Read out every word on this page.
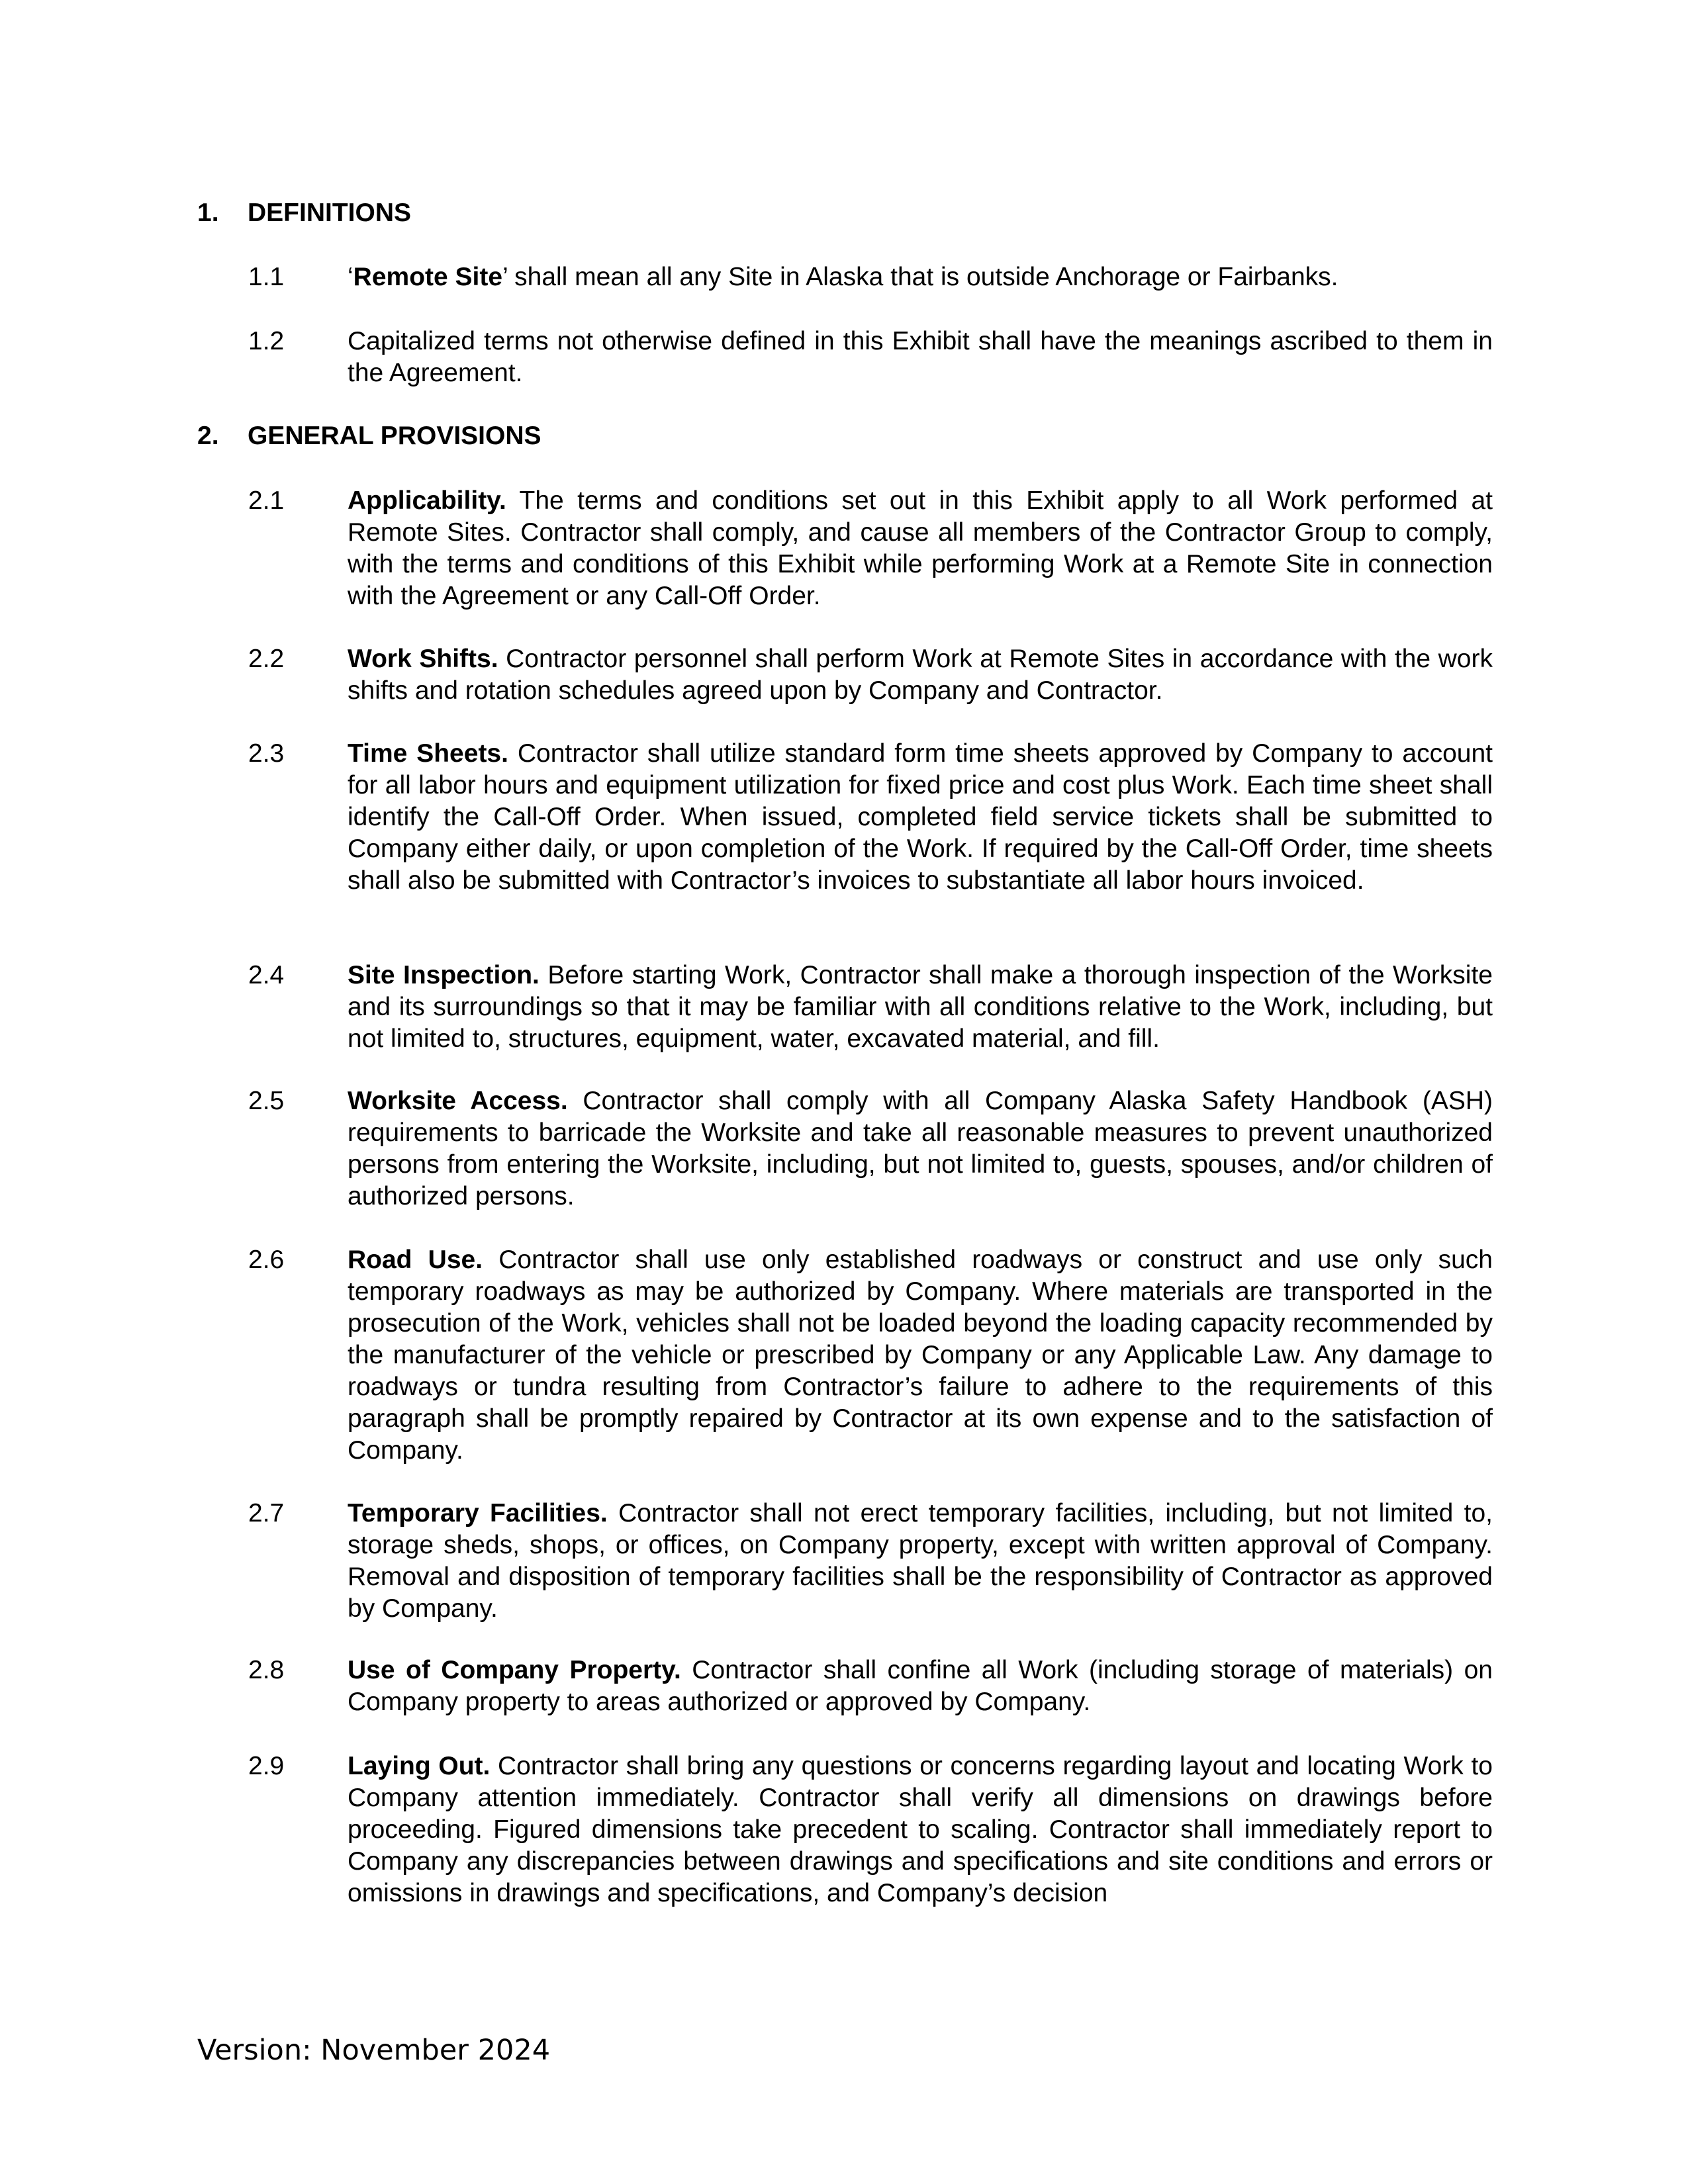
1. DEFINITIONS
1.1 ‘Remote Site’ shall mean all any Site in Alaska that is outside Anchorage or Fairbanks.
1.2 Capitalized terms not otherwise defined in this Exhibit shall have the meanings ascribed to them in the Agreement.
2. GENERAL PROVISIONS
2.1 Applicability. The terms and conditions set out in this Exhibit apply to all Work performed at Remote Sites. Contractor shall comply, and cause all members of the Contractor Group to comply, with the terms and conditions of this Exhibit while performing Work at a Remote Site in connection with the Agreement or any Call-Off Order.
2.2 Work Shifts. Contractor personnel shall perform Work at Remote Sites in accordance with the work shifts and rotation schedules agreed upon by Company and Contractor.
2.3 Time Sheets. Contractor shall utilize standard form time sheets approved by Company to account for all labor hours and equipment utilization for fixed price and cost plus Work. Each time sheet shall identify the Call-Off Order. When issued, completed field service tickets shall be submitted to Company either daily, or upon completion of the Work. If required by the Call-Off Order, time sheets shall also be submitted with Contractor’s invoices to substantiate all labor hours invoiced.
2.4 Site Inspection. Before starting Work, Contractor shall make a thorough inspection of the Worksite and its surroundings so that it may be familiar with all conditions relative to the Work, including, but not limited to, structures, equipment, water, excavated material, and fill.
2.5 Worksite Access. Contractor shall comply with all Company Alaska Safety Handbook (ASH) requirements to barricade the Worksite and take all reasonable measures to prevent unauthorized persons from entering the Worksite, including, but not limited to, guests, spouses, and/or children of authorized persons.
2.6 Road Use. Contractor shall use only established roadways or construct and use only such temporary roadways as may be authorized by Company. Where materials are transported in the prosecution of the Work, vehicles shall not be loaded beyond the loading capacity recommended by the manufacturer of the vehicle or prescribed by Company or any Applicable Law. Any damage to roadways or tundra resulting from Contractor’s failure to adhere to the requirements of this paragraph shall be promptly repaired by Contractor at its own expense and to the satisfaction of Company.
2.7 Temporary Facilities. Contractor shall not erect temporary facilities, including, but not limited to, storage sheds, shops, or offices, on Company property, except with written approval of Company. Removal and disposition of temporary facilities shall be the responsibility of Contractor as approved by Company.
2.8 Use of Company Property. Contractor shall confine all Work (including storage of materials) on Company property to areas authorized or approved by Company.
2.9 Laying Out. Contractor shall bring any questions or concerns regarding layout and locating Work to Company attention immediately. Contractor shall verify all dimensions on drawings before proceeding. Figured dimensions take precedent to scaling. Contractor shall immediately report to Company any discrepancies between drawings and specifications and site conditions and errors or omissions in drawings and specifications, and Company’s decision
Version: November 2024
